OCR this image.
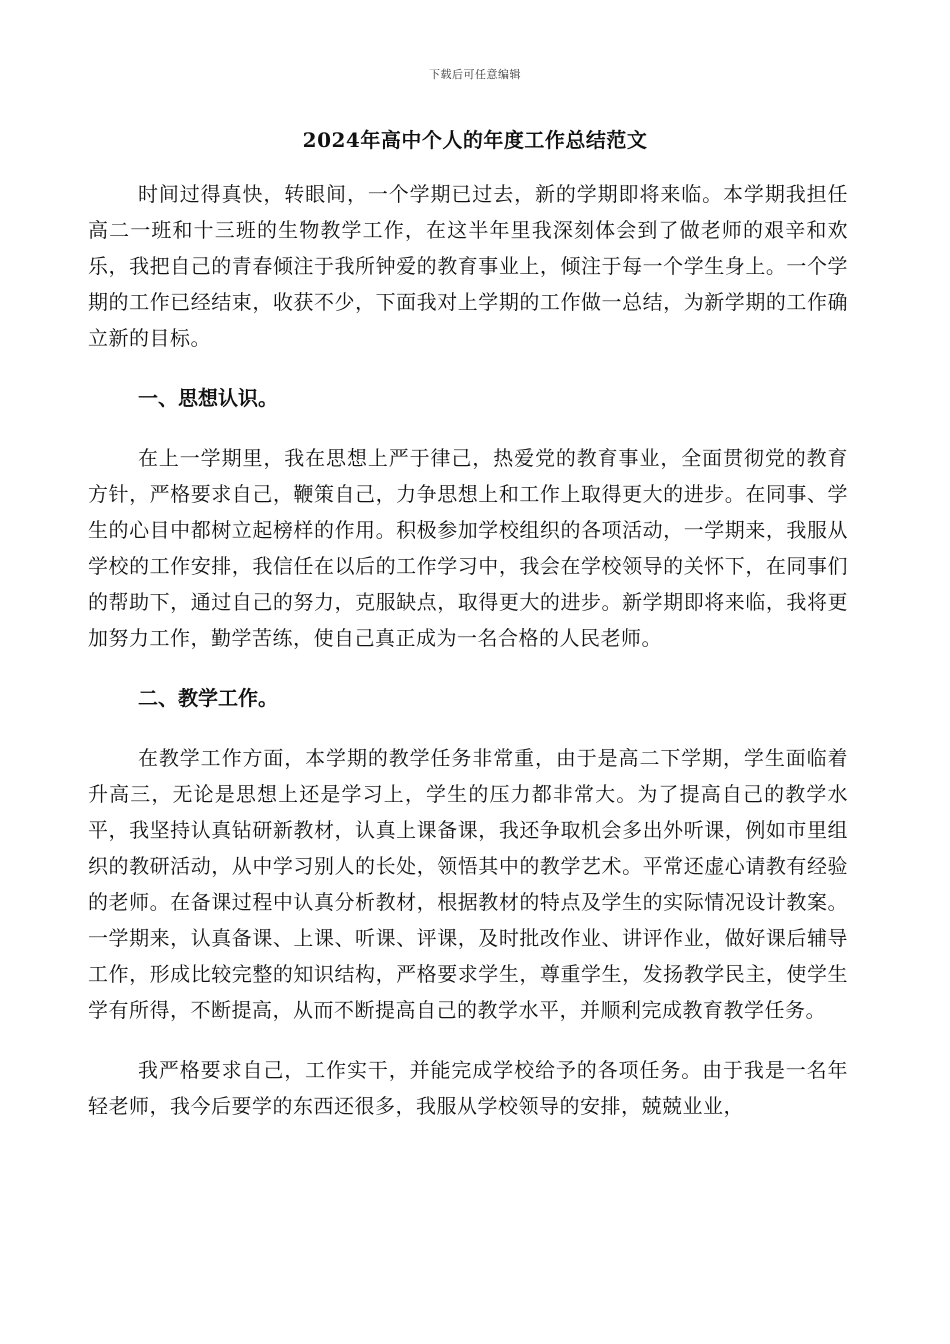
下载后可任意编辑
2024年高中个人的年度工作总结范文

时间过得真快，转眼间，一个学期已过去，新的学期即将来临。本学期我担任高二一班和十三班的生物教学工作，在这半年里我深刻体会到了做老师的艰辛和欢乐，我把自己的青春倾注于我所钟爱的教育事业上，倾注于每一个学生身上。一个学期的工作已经结束，收获不少，下面我对上学期的工作做一总结，为新学期的工作确立新的目标。

一、思想认识。

在上一学期里，我在思想上严于律己，热爱党的教育事业，全面贯彻党的教育方针，严格要求自己，鞭策自己，力争思想上和工作上取得更大的进步。在同事、学生的心目中都树立起榜样的作用。积极参加学校组织的各项活动，一学期来，我服从学校的工作安排，我信任在以后的工作学习中，我会在学校领导的关怀下，在同事们的帮助下，通过自己的努力，克服缺点，取得更大的进步。新学期即将来临，我将更加努力工作，勤学苦练，使自己真正成为一名合格的人民老师。

二、教学工作。

在教学工作方面，本学期的教学任务非常重，由于是高二下学期，学生面临着升高三，无论是思想上还是学习上，学生的压力都非常大。为了提高自己的教学水平，我坚持认真钻研新教材，认真上课备课，我还争取机会多出外听课，例如市里组织的教研活动，从中学习别人的长处，领悟其中的教学艺术。平常还虚心请教有经验的老师。在备课过程中认真分析教材，根据教材的特点及学生的实际情况设计教案。一学期来，认真备课、上课、听课、评课，及时批改作业、讲评作业，做好课后辅导工作，形成比较完整的知识结构，严格要求学生，尊重学生，发扬教学民主，使学生学有所得，不断提高，从而不断提高自己的教学水平，并顺利完成教育教学任务。

我严格要求自己，工作实干，并能完成学校给予的各项任务。由于我是一名年轻老师，我今后要学的东西还很多，我服从学校领导的安排，兢兢业业，
